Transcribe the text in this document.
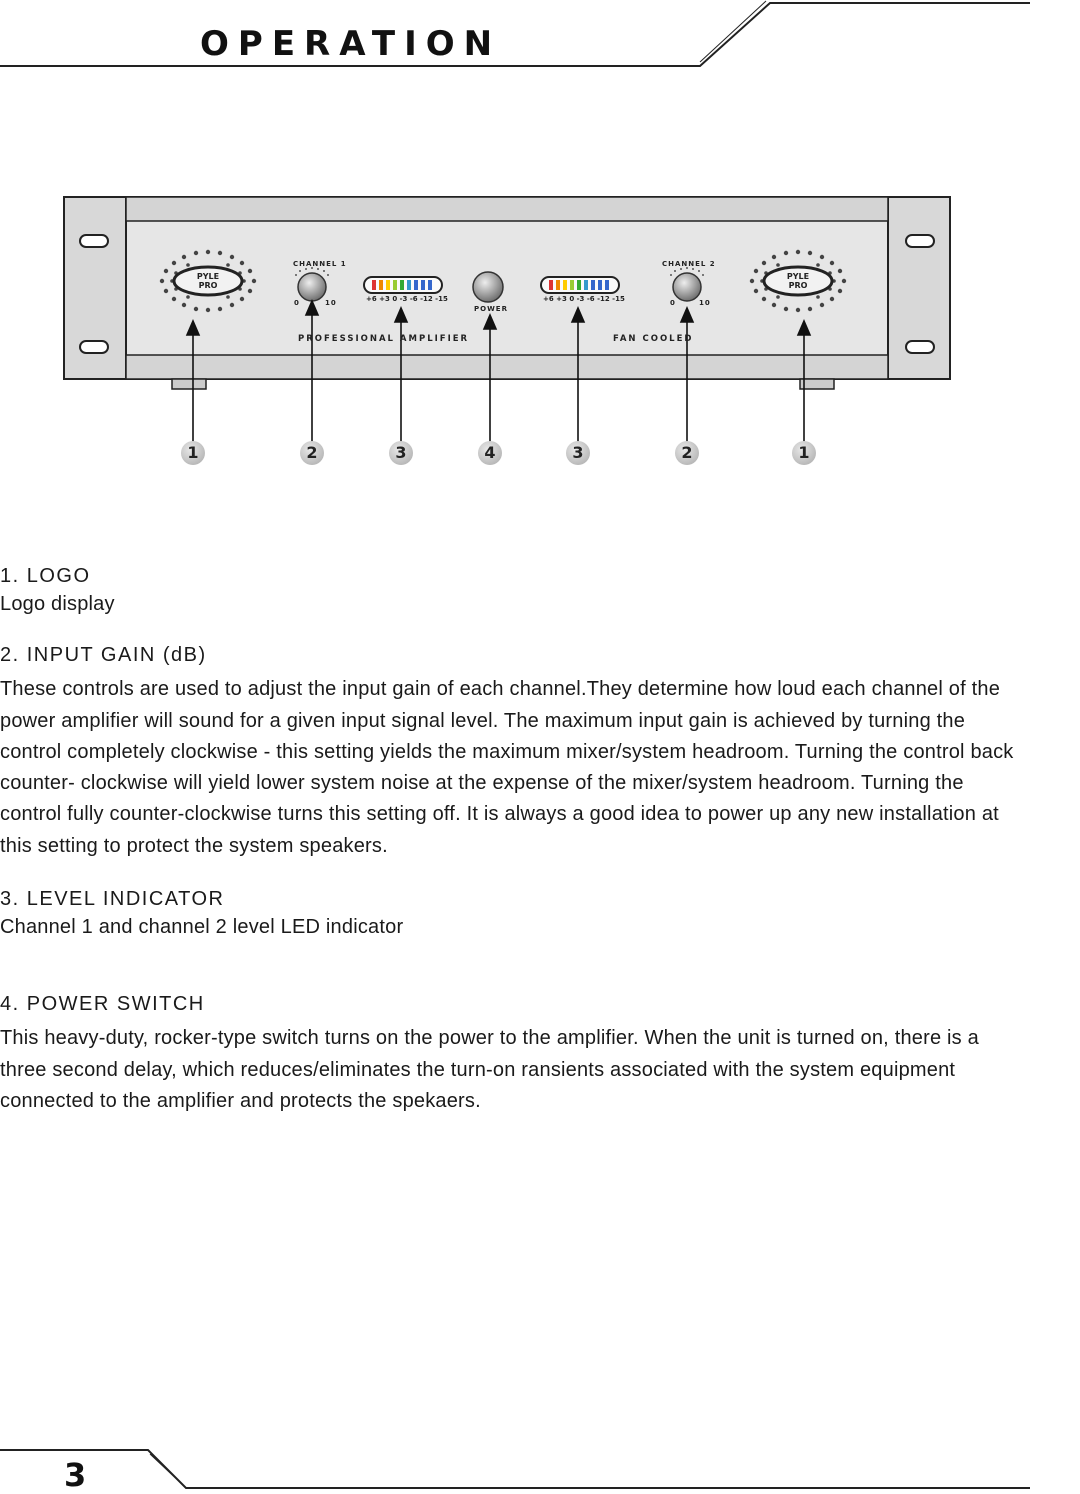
OPERATION
CHANNEL 1	CHANNEL 2
0	10	0	10
+6 +3 0 -3 -6 -12 -15	+6 +3 0 -3 -6 -12 -15
POWER
PROFESSIONAL AMPLIFIER	FAN COOLED
PYLE
PRO
PYLE
PRO
1	2	3	4	3	2	1

1. LOGO

Logo display

2. INPUT GAIN (dB)

These controls are used to adjust the input gain of each channel.They determine how loud each channel of the power amplifier will sound for a given input signal level. The maximum input gain is achieved by turning the control completely clockwise - this setting yields the maximum mixer/system headroom. Turning the control back counter- clockwise will yield lower system noise at the expense of the mixer/system headroom. Turning the control fully counter-clockwise turns this setting off. It is always a good idea to power up any new installation at this setting to protect the system speakers.

3. LEVEL INDICATOR

Channel 1 and channel 2 level LED indicator

4. POWER SWITCH

This heavy-duty, rocker-type switch turns on the power to the amplifier. When the unit is turned on, there is a three second delay, which reduces/eliminates the turn-on ransients associated with the system equipment connected to the amplifier and protects the spekaers.

3
